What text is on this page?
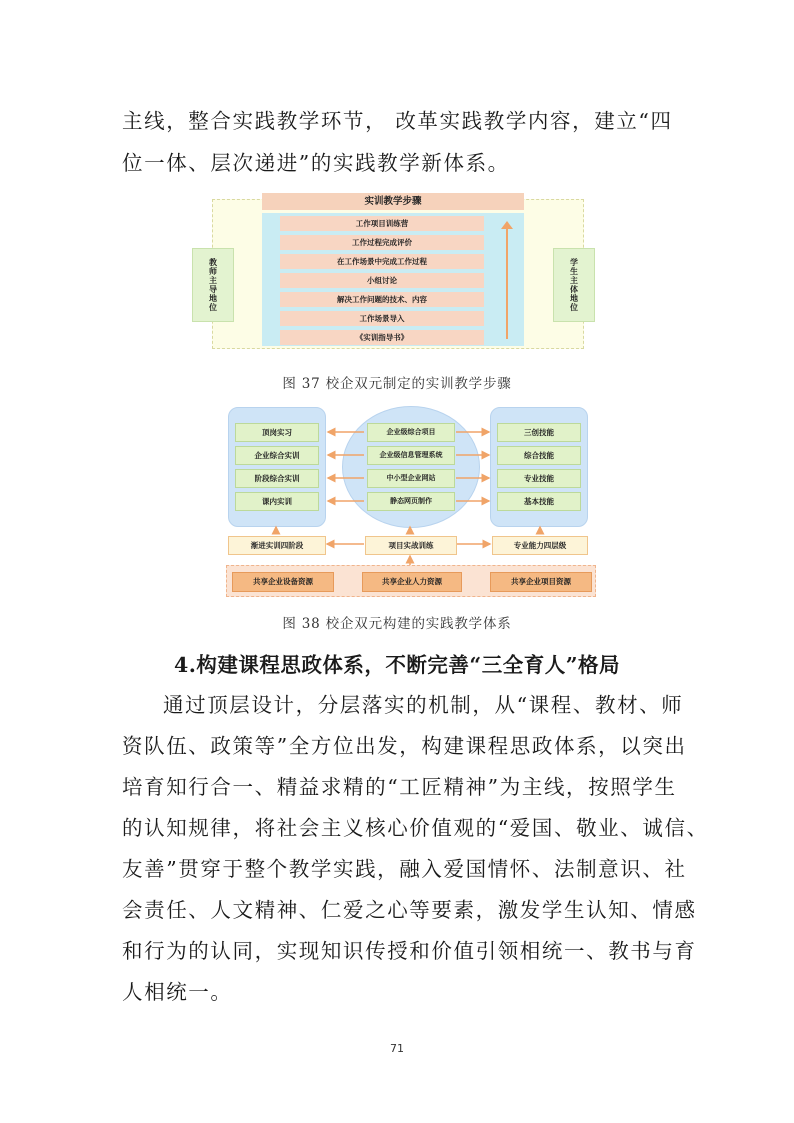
主线，整合实践教学环节， 改革实践教学内容，建立“四
位一体、层次递进”的实践教学新体系。
实训教学步骤
工作项目训练营
工作过程完成评价
在工作场景中完成工作过程
小组讨论
解决工作问题的技术、内容
工作场景导入
《实训指导书》
教师主导地位
学生主体地位
图 37 校企双元制定的实训教学步骤
顶岗实习
企业综合实训
阶段综合实训
课内实训
企业级综合项目
企业级信息管理系统
中小型企业网站
静态网页制作
三创技能
综合技能
专业技能
基本技能
渐进实训四阶段	项目实战训练	专业能力四层级
共享企业设备资源	共享企业人力资源	共享企业项目资源
图 38 校企双元构建的实践教学体系
4.构建课程思政体系，不断完善“三全育人”格局
通过顶层设计，分层落实的机制，从“课程、教材、师
资队伍、政策等”全方位出发，构建课程思政体系，以突出
培育知行合一、精益求精的“工匠精神”为主线，按照学生
的认知规律，将社会主义核心价值观的“爱国、敬业、诚信、
友善”贯穿于整个教学实践，融入爱国情怀、法制意识、社
会责任、人文精神、仁爱之心等要素，激发学生认知、情感
和行为的认同，实现知识传授和价值引领相统一、教书与育
人相统一。
71
